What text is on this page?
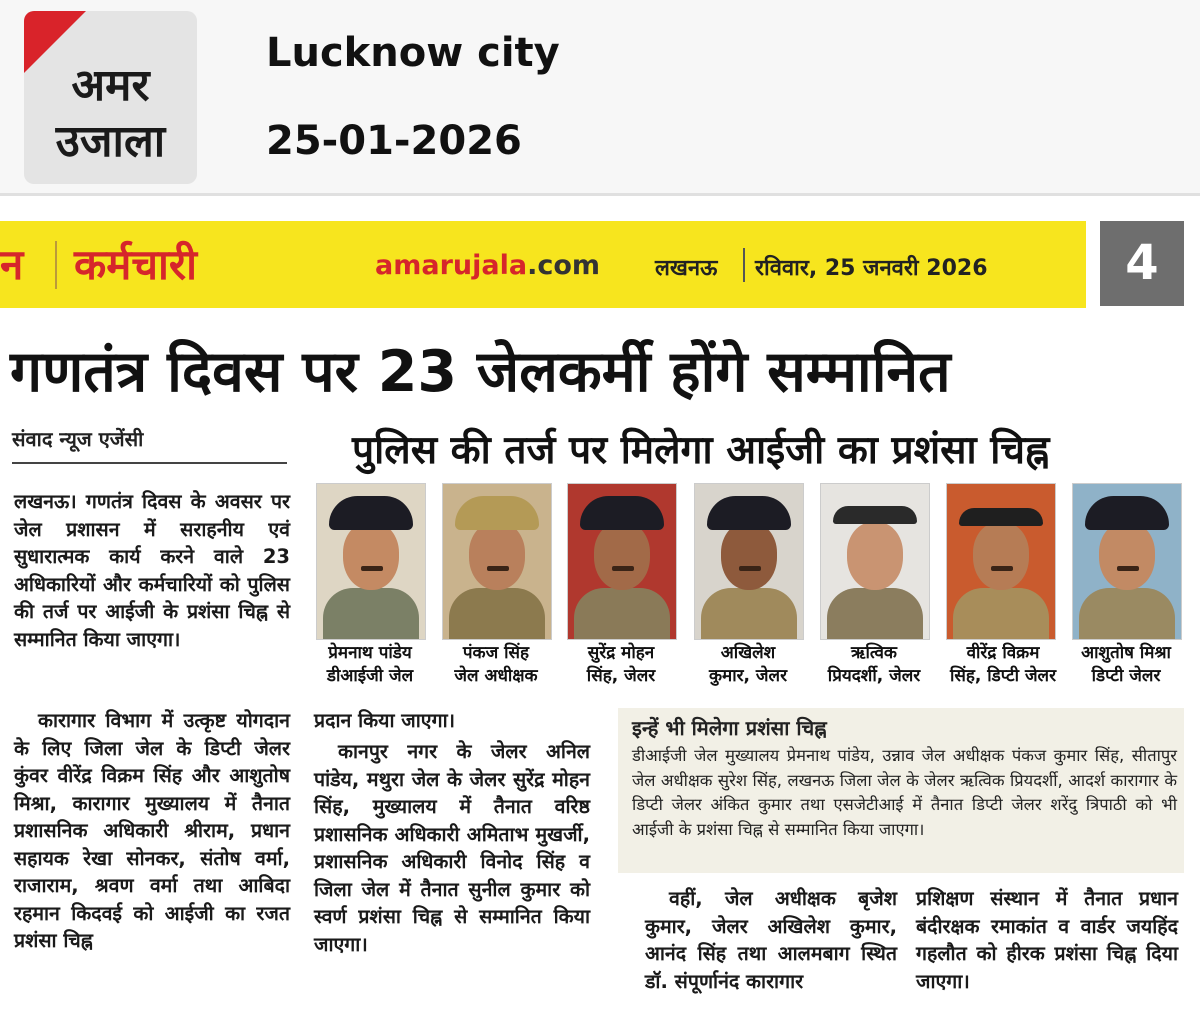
अमर
उजाला
Lucknow city
25-01-2026
न कर्मचारी	amarujala.com लखनऊ रविवार, 25 जनवरी 2026	4
गणतंत्र दिवस पर 23 जेलकर्मी होंगे सम्मानित
संवाद न्यूज एजेंसी	पुलिस की तर्ज पर मिलेगा आईजी का प्रशंसा चिह्न

लखनऊ। गणतंत्र दिवस के अवसर पर जेल प्रशासन में सराहनीय एवं सुधारात्मक कार्य करने वाले 23 अधिकारियों और कर्मचारियों को पुलिस की तर्ज पर आईजी के प्रशंसा चिह्न से सम्मानित किया जाएगा।

कारागार विभाग में उत्कृष्ट योगदान के लिए जिला जेल के डिप्टी जेलर कुंवर वीरेंद्र विक्रम सिंह और आशुतोष मिश्रा, कारागार मुख्यालय में तैनात प्रशासनिक अधिकारी श्रीराम, प्रधान सहायक रेखा सोनकर, संतोष वर्मा, राजाराम, श्रवण वर्मा तथा आबिदा रहमान किदवई को आईजी का रजत प्रशंसा चिह्न

प्रदान किया जाएगा।

कानपुर नगर के जेलर अनिल पांडेय, मथुरा जेल के जेलर सुरेंद्र मोहन सिंह, मुख्यालय में तैनात वरिष्ठ प्रशासनिक अधिकारी अमिताभ मुखर्जी, प्रशासनिक अधिकारी विनोद सिंह व जिला जेल में तैनात सुनील कुमार को स्वर्ण प्रशंसा चिह्न से सम्मानित किया जाएगा।

वहीं, जेल अधीक्षक बृजेश कुमार, जेलर अखिलेश कुमार, आनंद सिंह तथा आलमबाग स्थित डॉ. संपूर्णानंद कारागार

प्रशिक्षण संस्थान में तैनात प्रधान बंदीरक्षक रमाकांत व वार्डर जयहिंद गहलौत को हीरक प्रशंसा चिह्न दिया जाएगा।

प्रेमनाथ पांडेय
डीआईजी जेल
पंकज सिंह
जेल अधीक्षक
सुरेंद्र मोहन
सिंह, जेलर
अखिलेश
कुमार, जेलर
ऋत्विक
प्रियदर्शी, जेलर
वीरेंद्र विक्रम
सिंह, डिप्टी जेलर
आशुतोष मिश्रा
डिप्टी जेलर
इन्हें भी मिलेगा प्रशंसा चिह्न
डीआईजी जेल मुख्यालय प्रेमनाथ पांडेय, उन्नाव जेल अधीक्षक पंकज कुमार सिंह, सीतापुर जेल अधीक्षक सुरेश सिंह, लखनऊ जिला जेल के जेलर ऋत्विक प्रियदर्शी, आदर्श कारागार के डिप्टी जेलर अंकित कुमार तथा एसजेटीआई में तैनात डिप्टी जेलर शरेंदु त्रिपाठी को भी आईजी के प्रशंसा चिह्न से सम्मानित किया जाएगा।
